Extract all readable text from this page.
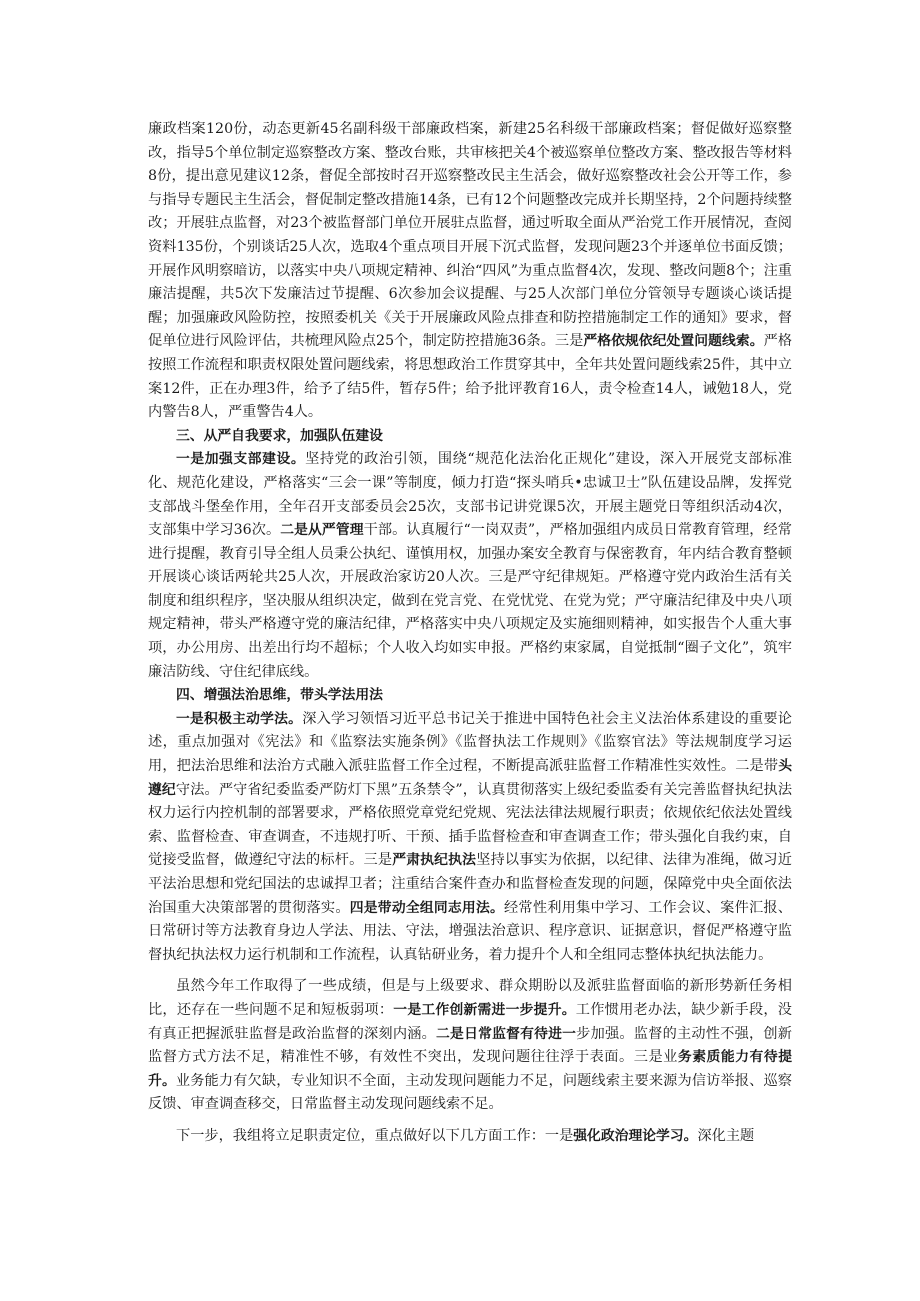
廉政档案120份，动态更新45名副科级干部廉政档案，新建25名科级干部廉政档案；督促做好巡察整改，指导5个单位制定巡察整改方案、整改台账，共审核把关4个被巡察单位整改方案、整改报告等材料8份，提出意见建议12条，督促全部按时召开巡察整改民主生活会，做好巡察整改社会公开等工作，参与指导专题民主生活会，督促制定整改措施14条，已有12个问题整改完成并长期坚持，2个问题持续整改；开展驻点监督，对23个被监督部门单位开展驻点监督，通过听取全面从严治党工作开展情况，查阅资料135份，个别谈话25人次，选取4个重点项目开展下沉式监督，发现问题23个并逐单位书面反馈；开展作风明察暗访，以落实中央八项规定精神、纠治“四风”为重点监督4次，发现、整改问题8个；注重廉洁提醒，共5次下发廉洁过节提醒、6次参加会议提醒、与25人次部门单位分管领导专题谈心谈话提醒；加强廉政风险防控，按照委机关《关于开展廉政风险点排查和防控措施制定工作的通知》要求，督促单位进行风险评估，共梳理风险点25个，制定防控措施36条。三是严格依规依纪处置问题线索。严格按照工作流程和职责权限处置问题线索，将思想政治工作贯穿其中，全年共处置问题线索25件，其中立案12件，正在办理3件，给予了结5件，暂存5件；给予批评教育16人，责令检查14人，诫勉18人，党内警告8人，严重警告4人。

三、从严自我要求，加强队伍建设

一是加强支部建设。坚持党的政治引领，围绕“规范化法治化正规化”建设，深入开展党支部标准化、规范化建设，严格落实“三会一课”等制度，倾力打造“探头哨兵•忠诚卫士”队伍建设品牌，发挥党支部战斗堡垒作用，全年召开支部委员会25次，支部书记讲党课5次，开展主题党日等组织活动4次，支部集中学习36次。二是从严管理干部。认真履行“一岗双责”，严格加强组内成员日常教育管理，经常进行提醒，教育引导全组人员秉公执纪、谨慎用权，加强办案安全教育与保密教育，年内结合教育整顿开展谈心谈话两轮共25人次，开展政治家访20人次。三是严守纪律规矩。严格遵守党内政治生活有关制度和组织程序，坚决服从组织决定，做到在党言党、在党忧党、在党为党；严守廉洁纪律及中央八项规定精神，带头严格遵守党的廉洁纪律，严格落实中央八项规定及实施细则精神，如实报告个人重大事项，办公用房、出差出行均不超标；个人收入均如实申报。严格约束家属，自觉抵制“圈子文化”，筑牢廉洁防线、守住纪律底线。

四、增强法治思维，带头学法用法

一是积极主动学法。深入学习领悟习近平总书记关于推进中国特色社会主义法治体系建设的重要论述，重点加强对《宪法》和《监察法实施条例》《监督执法工作规则》《监察官法》等法规制度学习运用，把法治思维和法治方式融入派驻监督工作全过程，不断提高派驻监督工作精准性实效性。二是带头遵纪守法。严守省纪委监委严防灯下黑”五条禁令”，认真贯彻落实上级纪委监委有关完善监督执纪执法权力运行内控机制的部署要求，严格依照党章党纪党规、宪法法律法规履行职责；依规依纪依法处置线索、监督检查、审查调查，不违规打听、干预、插手监督检查和审查调查工作；带头强化自我约束，自觉接受监督，做遵纪守法的标杆。三是严肃执纪执法坚持以事实为依据，以纪律、法律为准绳，做习近平法治思想和党纪国法的忠诚捍卫者；注重结合案件查办和监督检查发现的问题，保障党中央全面依法治国重大决策部署的贯彻落实。四是带动全组同志用法。经常性利用集中学习、工作会议、案件汇报、日常研讨等方法教育身边人学法、用法、守法，增强法治意识、程序意识、证据意识，督促严格遵守监督执纪执法权力运行机制和工作流程，认真钻研业务，着力提升个人和全组同志整体执纪执法能力。

虽然今年工作取得了一些成绩，但是与上级要求、群众期盼以及派驻监督面临的新形势新任务相比，还存在一些问题不足和短板弱项：一是工作创新需进一步提升。工作惯用老办法，缺少新手段，没有真正把握派驻监督是政治监督的深刻内涵。二是日常监督有待进一步加强。监督的主动性不强，创新监督方式方法不足，精准性不够，有效性不突出，发现问题往往浮于表面。三是业务素质能力有待提升。业务能力有欠缺，专业知识不全面，主动发现问题能力不足，问题线索主要来源为信访举报、巡察反馈、审查调查移交，日常监督主动发现问题线索不足。

下一步，我组将立足职责定位，重点做好以下几方面工作：一是强化政治理论学习。深化主题
